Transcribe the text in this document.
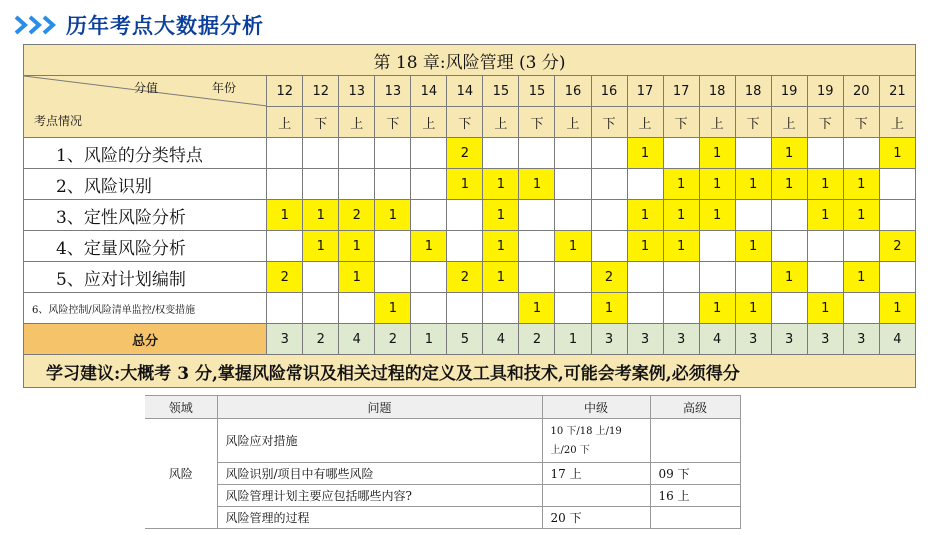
历年考点大数据分析
第 18 章:风险管理 (3 分)																		

分值 年份
考点情况	12	12	13	13	14	14	15	15	16	16	17	17	18	18	19	19	20	21
	上	下	上	下	上	下	上	下	上	下	上	下	上	下	上	下	下	上
1、风险的分类特点						2					1		1		1			1
2、风险识别						1	1	1				1	1	1	1	1	1	
3、定性风险分析	1	1	2	1			1				1	1	1			1	1	
4、定量风险分析		1	1		1		1		1		1	1		1				2
5、应对计划编制	2		1			2	1			2					1		1	
6、风险控制/风险清单监控/权变措施				1				1		1			1	1		1		1
总分	3	2	4	2	1	5	4	2	1	3	3	3	4	3	3	3	3	4
学习建议:大概考 3 分,掌握风险常识及相关过程的定义及工具和技术,可能会考案例,必须得分																		
领域	问题	中级	高级
风险	风险应对措施	10 下/18 上/19 上/20 下	
	风险识别/项目中有哪些风险	17 上	09 下
	风险管理计划主要应包括哪些内容?		16 上
	风险管理的过程	20 下	
